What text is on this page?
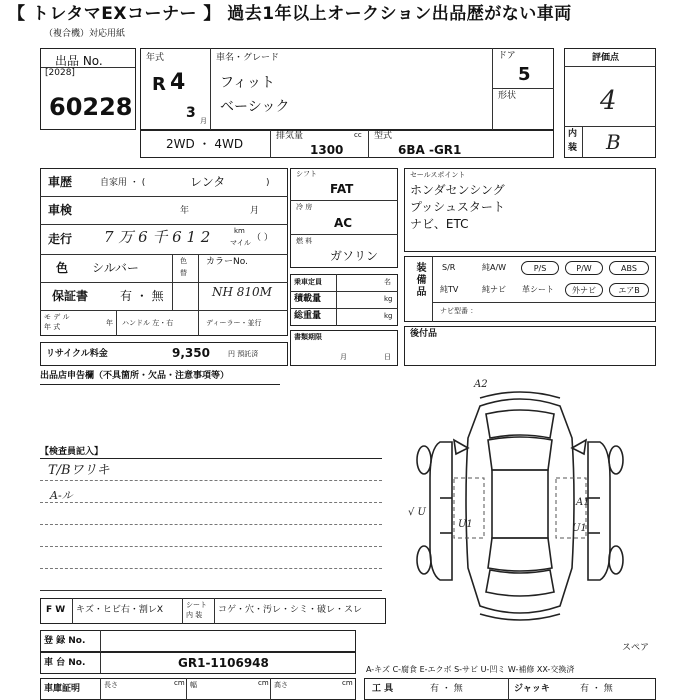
【 トレタマEXコーナー 】 過去1年以上オークション出品歴がない車両
（複合機）対応用紙
出品 No.
[2028]
60228
年式
R 4
3 月
車名・グレード
フィット
ベーシック
ドア
5
形状
評価点
4
内
装 B
2WD ・ 4WD
排気量	cc
1300
型式
6BA -GR1
車歴	自家用 ・ (	レンタ	)
車検	年	月
走行 7 万 6 千 6 1 2	km
マイル （ ）
色 シルバー	色
替
カラーNo.
NH 810M
保証書	有 ・ 無
モ デ ル
年 式	年 ハンドル 左・右	ディーラー・並行
リサイクル料金	9,350	円 預託済
シフト
FAT
冷 房
AC
燃 料
ガソリン
乗車定員	名
積載量	kg
総重量	kg
書類期限
月	日
セールスポイント
ホンダセンシング
プッシュスタート
ナビ、ETC
装備品 S/R	純A/W	P/S	P/W	ABS
純TV	純ナビ 革シート	外ナビ	エアB
ナビ型番 ：
後付品
出品店申告欄（不具箇所・欠品・注意事項等）
【検査員記入】
T/Bワリキ
A-ル
A2
A1
U1
U1
√ U
スペア
F W キズ・ヒビ右・割レX	シート
内 装 コゲ・穴・汚レ・シミ・破レ・スレ
登 録 No.
車 台 No.	GR1-1106948	A-キズ C-腐食 E-エクボ S-サビ U-凹ミ W-補修 XX-交換済
車庫証明	長さ	cm 幅	cm 高さ	cm
工 具	有 ・ 無	ジャッキ	有 ・ 無
